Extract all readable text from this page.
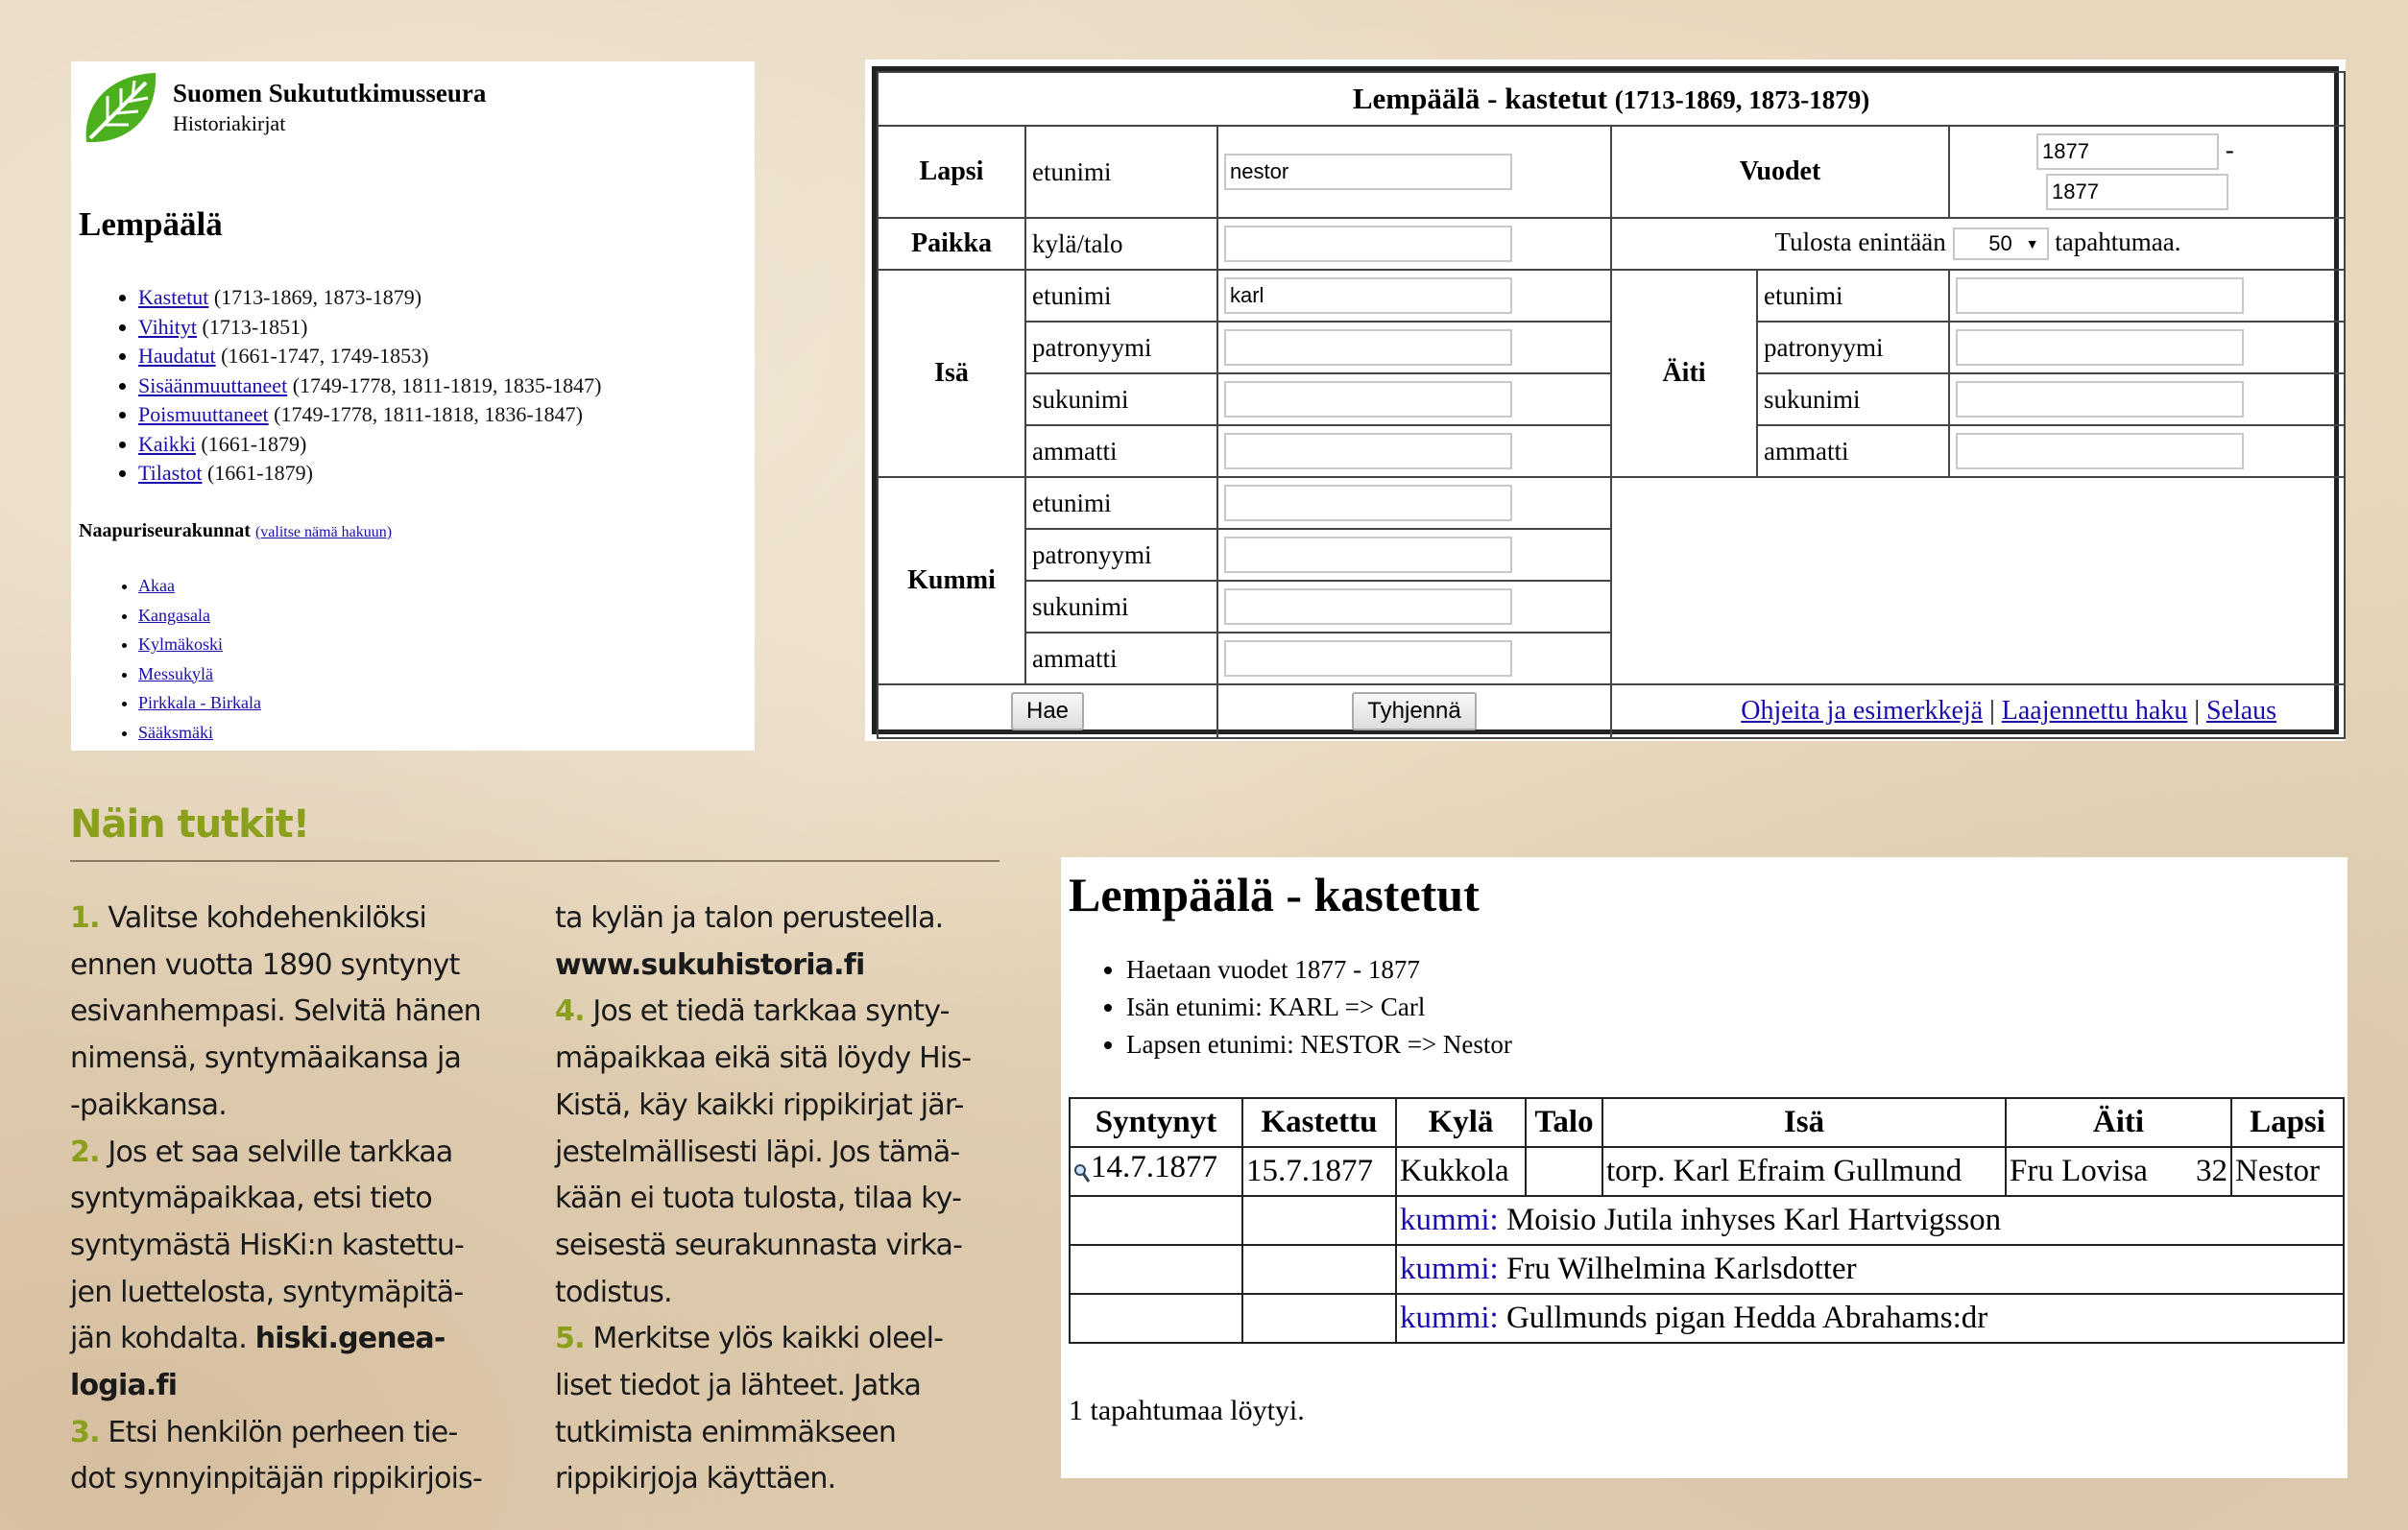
Suomen Sukututkimusseura
Historiakirjat
Lempäälä
• Kastetut (1713-1869, 1873-1879)
• Vihityt (1713-1851)
• Haudatut (1661-1747, 1749-1853)
• Sisäänmuuttaneet (1749-1778, 1811-1819, 1835-1847)
• Poismuuttaneet (1749-1778, 1811-1818, 1836-1847)
• Kaikki (1661-1879)
• Tilastot (1661-1879)
Naapuriseurakunnat (valitse nämä hakuun)
• Akaa
• Kangasala
• Kylmäkoski
• Messukylä
• Pirkkala - Birkala
• Sääksmäki
Lempäälä - kastetut (1713-1869, 1873-1879)					
Lapsi	etunimi	nestor	Vuodet	1877 -
1877
Paikka	kylä/talo		Tulosta enintään 50 ▼ tapahtumaa.		
Isä	etunimi	karl	Äiti	etunimi	
	patronyymi			patronyymi	
	sukunimi			sukunimi	
	ammatti			ammatti	
Kummi	etunimi		
	patronyymi	
	sukunimi	
	ammatti	
Hae		Tyhjennä	Ohjeita ja esimerkkejä | Laajennettu haku | Selaus		
Näin tutkit!
1. Valitse kohdehenkilöksi
ennen vuotta 1890 syntynyt
esivanhempasi. Selvitä hänen
nimensä, syntymäaikansa ja
-paikkansa.
2. Jos et saa selville tarkkaa
syntymäpaikkaa, etsi tieto
syntymästä HisKi:n kastettu-
jen luettelosta, syntymäpitä-
jän kohdalta. hiski.genea-
logia.fi
3. Etsi henkilön perheen tie-
dot synnyinpitäjän rippikirjois-
ta kylän ja talon perusteella.
www.sukuhistoria.fi
4. Jos et tiedä tarkkaa synty-
mäpaikkaa eikä sitä löydy His-
Kistä, käy kaikki rippikirjat jär-
jestelmällisesti läpi. Jos tämä-
kään ei tuota tulosta, tilaa ky-
seisestä seurakunnasta virka-
todistus.
5. Merkitse ylös kaikki oleel-
liset tiedot ja lähteet. Jatka
tutkimista enimmäkseen
rippikirjoja käyttäen.
Lempäälä - kastetut
• Haetaan vuodet 1877 - 1877
• Isän etunimi: KARL => Carl
• Lapsen etunimi: NESTOR => Nestor
Syntynyt	Kastettu	Kylä	Talo	Isä	Äiti	Lapsi
14.7.1877	15.7.1877	Kukkola		torp. Karl Efraim Gullmund	Fru Lovisa 32	Nestor
		kummi: Moisio Jutila inhyses Karl Hartvigsson				
		kummi: Fru Wilhelmina Karlsdotter				
		kummi: Gullmunds pigan Hedda Abrahams:dr				
1 tapahtumaa löytyi.
